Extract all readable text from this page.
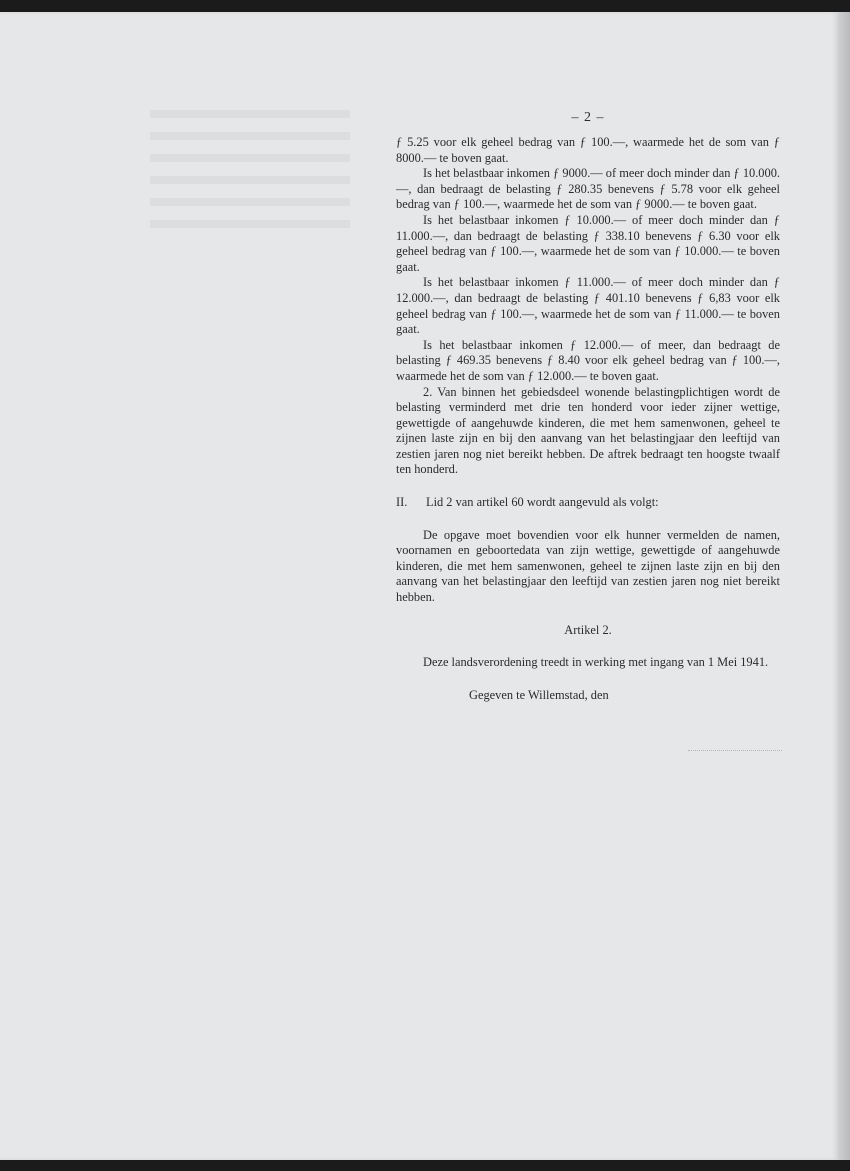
– 2 –

ƒ 5.25 voor elk geheel bedrag van ƒ 100.—, waarmede het de som van ƒ 8000.— te boven gaat.

Is het belastbaar inkomen ƒ 9000.— of meer doch minder dan ƒ 10.000.—, dan bedraagt de belasting ƒ 280.35 benevens ƒ 5.78 voor elk geheel bedrag van ƒ 100.—, waarmede het de som van ƒ 9000.— te boven gaat.

Is het belastbaar inkomen ƒ 10.000.— of meer doch minder dan ƒ 11.000.—, dan bedraagt de belasting ƒ 338.10 benevens ƒ 6.30 voor elk geheel bedrag van ƒ 100.—, waarmede het de som van ƒ 10.000.— te boven gaat.

Is het belastbaar inkomen ƒ 11.000.— of meer doch minder dan ƒ 12.000.—, dan bedraagt de belasting ƒ 401.10 benevens ƒ 6,83 voor elk geheel bedrag van ƒ 100.—, waarmede het de som van ƒ 11.000.— te boven gaat.

Is het belastbaar inkomen ƒ 12.000.— of meer, dan bedraagt de belasting ƒ 469.35 benevens ƒ 8.40 voor elk geheel bedrag van ƒ 100.—, waarmede het de som van ƒ 12.000.— te boven gaat.

2. Van binnen het gebiedsdeel wonende belastingplichtigen wordt de belasting verminderd met drie ten honderd voor ieder zijner wettige, gewettigde of aangehuwde kinderen, die met hem samenwonen, geheel te zijnen laste zijn en bij den aanvang van het belastingjaar den leeftijd van zestien jaren nog niet bereikt hebben. De aftrek bedraagt ten hoogste twaalf ten honderd.

II. Lid 2 van artikel 60 wordt aangevuld als volgt:

De opgave moet bovendien voor elk hunner vermelden de namen, voornamen en geboortedata van zijn wettige, gewettigde of aangehuwde kinderen, die met hem samenwonen, geheel te zijnen laste zijn en bij den aanvang van het belastingjaar den leeftijd van zestien jaren nog niet bereikt hebben.

Artikel 2.

Deze landsverordening treedt in werking met ingang van 1 Mei 1941.

Gegeven te Willemstad, den
